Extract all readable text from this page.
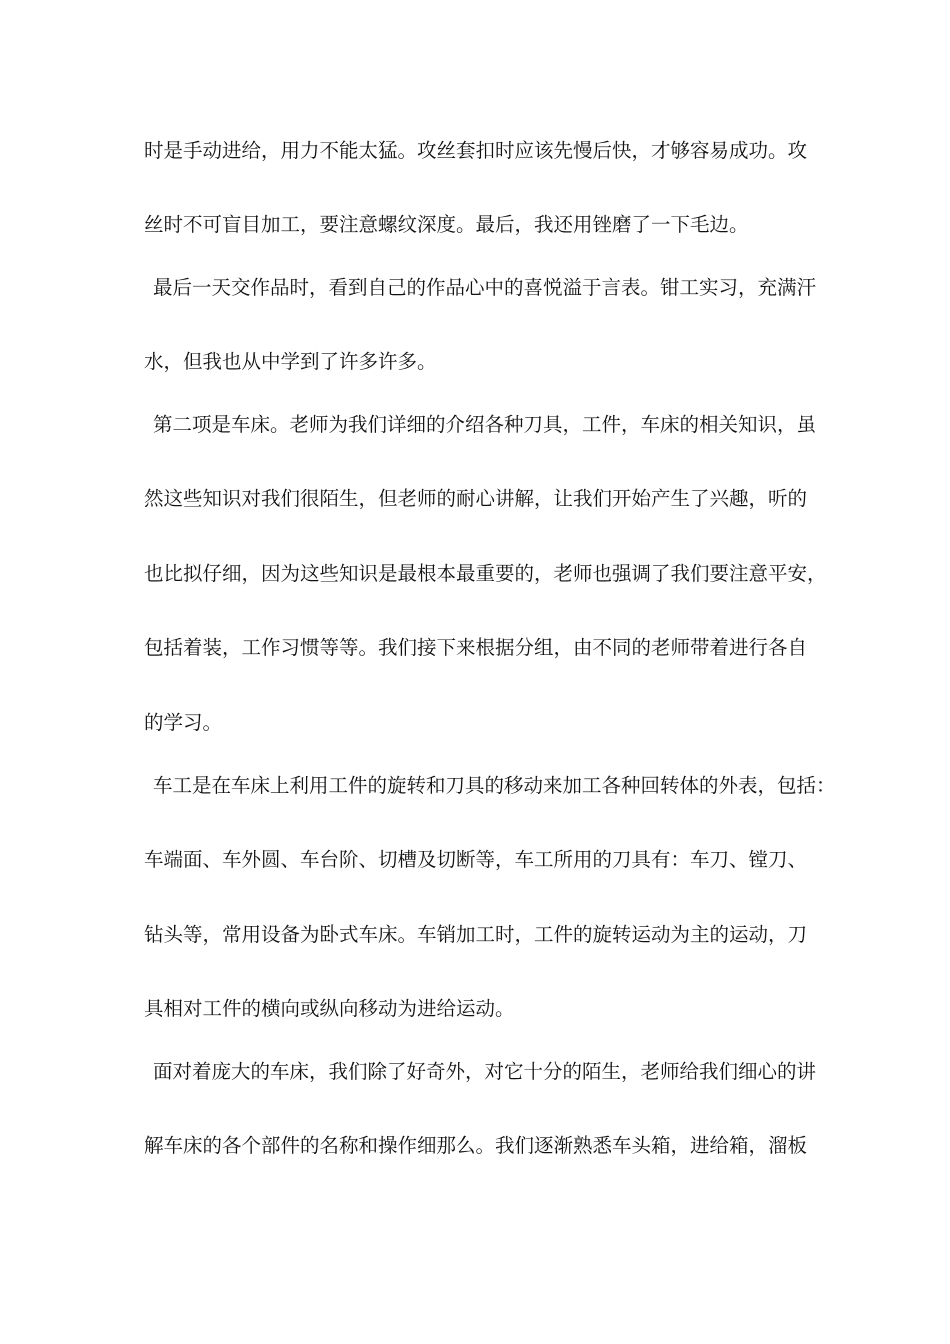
时是手动进给，用力不能太猛。攻丝套扣时应该先慢后快，才够容易成功。攻
丝时不可盲目加工，要注意螺纹深度。最后，我还用锉磨了一下毛边。
最后一天交作品时，看到自己的作品心中的喜悦溢于言表。钳工实习，充满汗
水，但我也从中学到了许多许多。
第二项是车床。老师为我们详细的介绍各种刀具，工件，车床的相关知识，虽
然这些知识对我们很陌生，但老师的耐心讲解，让我们开始产生了兴趣，听的
也比拟仔细，因为这些知识是最根本最重要的，老师也强调了我们要注意平安，
包括着装，工作习惯等等。我们接下来根据分组，由不同的老师带着进行各自
的学习。
车工是在车床上利用工件的旋转和刀具的移动来加工各种回转体的外表，包括：
车端面、车外圆、车台阶、切槽及切断等，车工所用的刀具有：车刀、镗刀、
钻头等，常用设备为卧式车床。车销加工时，工件的旋转运动为主的运动，刀
具相对工件的横向或纵向移动为进给运动。
面对着庞大的车床，我们除了好奇外，对它十分的陌生，老师给我们细心的讲
解车床的各个部件的名称和操作细那么。我们逐渐熟悉车头箱，进给箱，溜板
